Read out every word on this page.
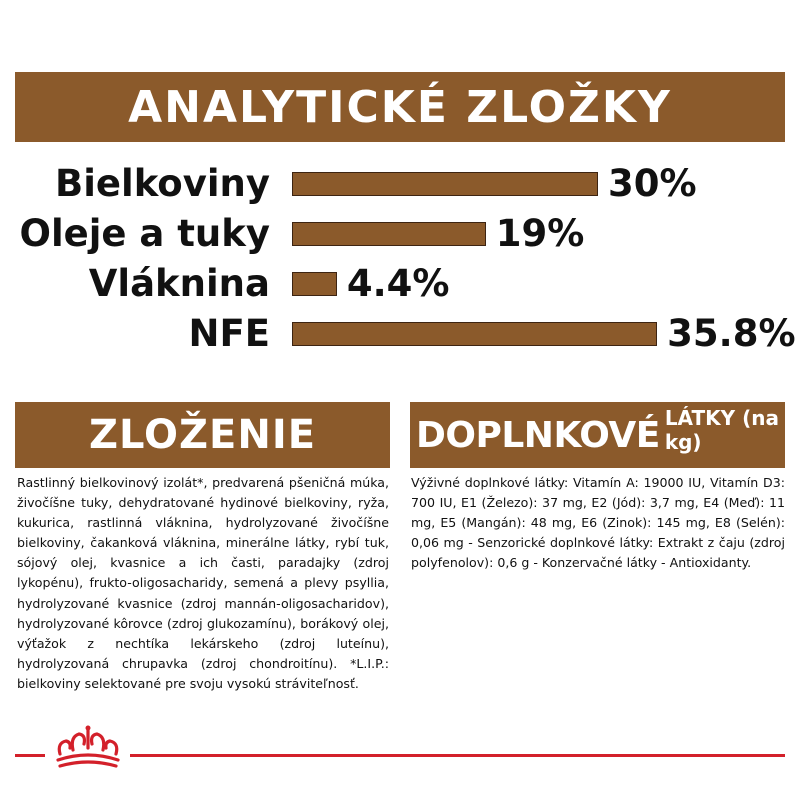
ANALYTICKÉ ZLOŽKY
Bielkoviny	30%
Oleje a tuky	19%
Vláknina 4.4%
NFE	35.8%
ZLOŽENIE	DOPLNKOVÉ LÁTKY (na kg)

Rastlinný bielkovinový izolát*, predvarená pšeničná múka, živočíšne tuky, dehydratované hydinové bielkoviny, ryža, kukurica, rastlinná vláknina, hydrolyzované živočíšne bielkoviny, čakanková vláknina, minerálne látky, rybí tuk, sójový olej, kvasnice a ich časti, paradajky (zdroj lykopénu), frukto-oligosacharidy, semená a plevy psyllia, hydrolyzované kvasnice (zdroj mannán-oligosacharidov), hydrolyzované kôrovce (zdroj glukozamínu), borákový olej, výťažok z nechtíka lekárskeho (zdroj luteínu), hydrolyzovaná chrupavka (zdroj chondroitínu). *L.I.P.: bielkoviny selektované pre svoju vysokú stráviteľnosť.

Výživné doplnkové látky: Vitamín A: 19000 IU, Vitamín D3: 700 IU, E1 (Železo): 37 mg, E2 (Jód): 3,7 mg, E4 (Meď): 11 mg, E5 (Mangán): 48 mg, E6 (Zinok): 145 mg, E8 (Selén): 0,06 mg - Senzorické doplnkové látky: Extrakt z čaju (zdroj polyfenolov): 0,6 g - Konzervačné látky - Antioxidanty.
